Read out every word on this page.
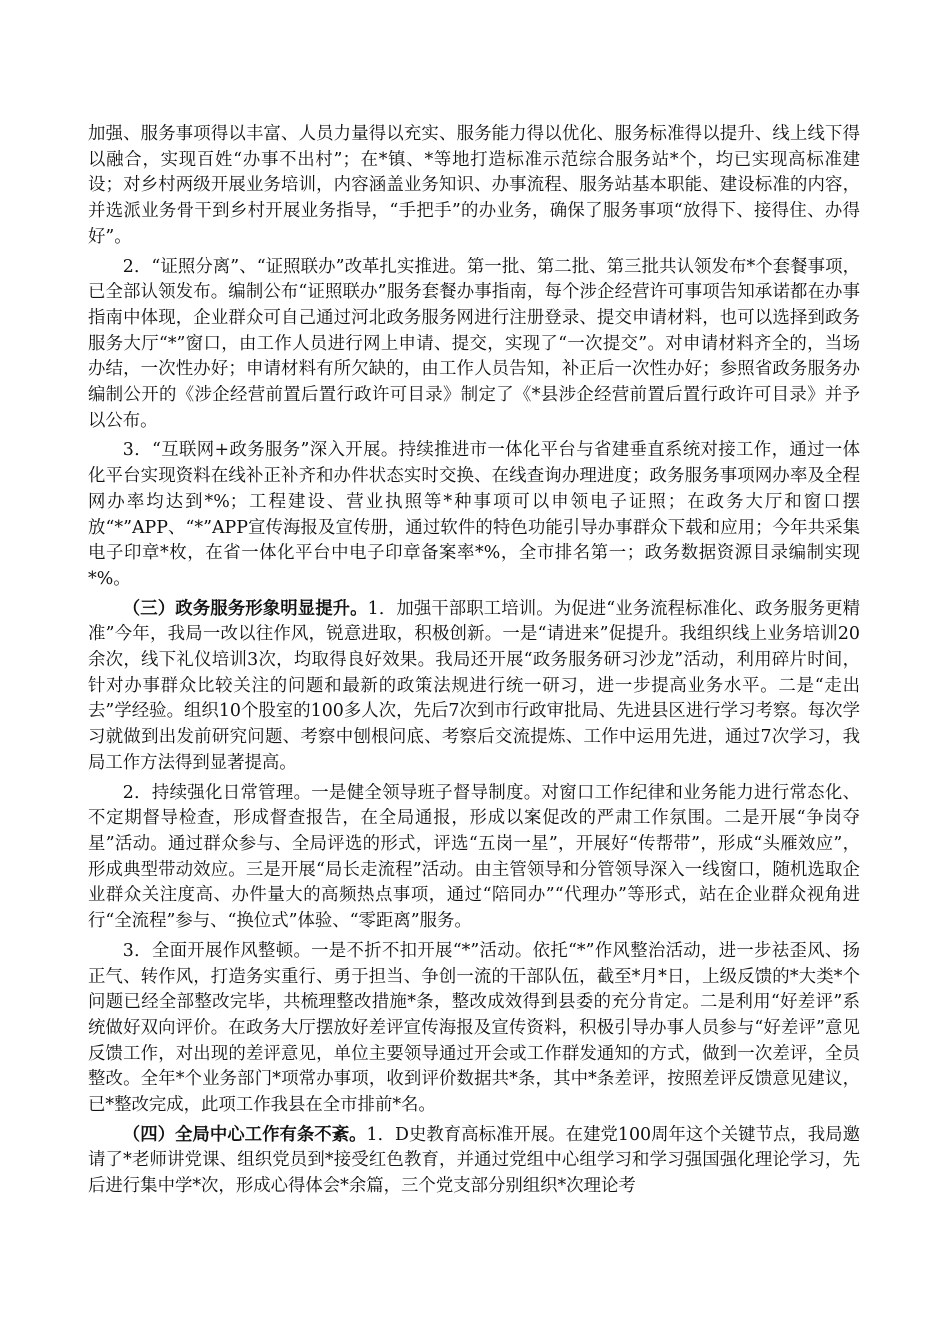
加强、服务事项得以丰富、人员力量得以充实、服务能力得以优化、服务标准得以提升、线上线下得以融合，实现百姓“办事不出村”；在*镇、*等地打造标准示范综合服务站*个，均已实现高标准建设；对乡村两级开展业务培训，内容涵盖业务知识、办事流程、服务站基本职能、建设标准的内容，并选派业务骨干到乡村开展业务指导，“手把手”的办业务，确保了服务事项“放得下、接得住、办得好”。

2．“证照分离”、“证照联办”改革扎实推进。第一批、第二批、第三批共认领发布*个套餐事项，已全部认领发布。编制公布“证照联办”服务套餐办事指南，每个涉企经营许可事项告知承诺都在办事指南中体现，企业群众可自己通过河北政务服务网进行注册登录、提交申请材料，也可以选择到政务服务大厅“*”窗口，由工作人员进行网上申请、提交，实现了“一次提交”。对申请材料齐全的，当场办结，一次性办好；申请材料有所欠缺的，由工作人员告知，补正后一次性办好；参照省政务服务办编制公开的《涉企经营前置后置行政许可目录》制定了《*县涉企经营前置后置行政许可目录》并予以公布。

3．“互联网+政务服务”深入开展。持续推进市一体化平台与省建垂直系统对接工作，通过一体化平台实现资料在线补正补齐和办件状态实时交换、在线查询办理进度；政务服务事项网办率及全程网办率均达到*%；工程建设、营业执照等*种事项可以申领电子证照；在政务大厅和窗口摆放“*”APP、“*”APP宣传海报及宣传册，通过软件的特色功能引导办事群众下载和应用；今年共采集电子印章*枚，在省一体化平台中电子印章备案率*%，全市排名第一；政务数据资源目录编制实现*%。

（三）政务服务形象明显提升。1．加强干部职工培训。为促进“业务流程标准化、政务服务更精准”今年，我局一改以往作风，锐意进取，积极创新。一是“请进来”促提升。我组织线上业务培训20余次，线下礼仪培训3次，均取得良好效果。我局还开展“政务服务研习沙龙”活动，利用碎片时间，针对办事群众比较关注的问题和最新的政策法规进行统一研习，进一步提高业务水平。二是“走出去”学经验。组织10个股室的100多人次，先后7次到市行政审批局、先进县区进行学习考察。每次学习就做到出发前研究问题、考察中刨根问底、考察后交流提炼、工作中运用先进，通过7次学习，我局工作方法得到显著提高。

2．持续强化日常管理。一是健全领导班子督导制度。对窗口工作纪律和业务能力进行常态化、不定期督导检查，形成督查报告，在全局通报，形成以案促改的严肃工作氛围。二是开展“争岗夺星”活动。通过群众参与、全局评选的形式，评选“五岗一星”，开展好“传帮带”，形成“头雁效应”，形成典型带动效应。三是开展“局长走流程”活动。由主管领导和分管领导深入一线窗口，随机选取企业群众关注度高、办件量大的高频热点事项，通过“陪同办”“代理办”等形式，站在企业群众视角进行“全流程”参与、“换位式”体验、“零距离”服务。

3．全面开展作风整顿。一是不折不扣开展“*”活动。依托“*”作风整治活动，进一步祛歪风、扬正气、转作风，打造务实重行、勇于担当、争创一流的干部队伍，截至*月*日，上级反馈的*大类*个问题已经全部整改完毕，共梳理整改措施*条，整改成效得到县委的充分肯定。二是利用“好差评”系统做好双向评价。在政务大厅摆放好差评宣传海报及宣传资料，积极引导办事人员参与“好差评”意见反馈工作，对出现的差评意见，单位主要领导通过开会或工作群发通知的方式，做到一次差评，全员整改。全年*个业务部门*项常办事项，收到评价数据共*条，其中*条差评，按照差评反馈意见建议，已*整改完成，此项工作我县在全市排前*名。

（四）全局中心工作有条不紊。1．D史教育高标准开展。在建党100周年这个关键节点，我局邀请了*老师讲党课、组织党员到*接受红色教育，并通过党组中心组学习和学习强国强化理论学习，先后进行集中学*次，形成心得体会*余篇，三个党支部分别组织*次理论考
